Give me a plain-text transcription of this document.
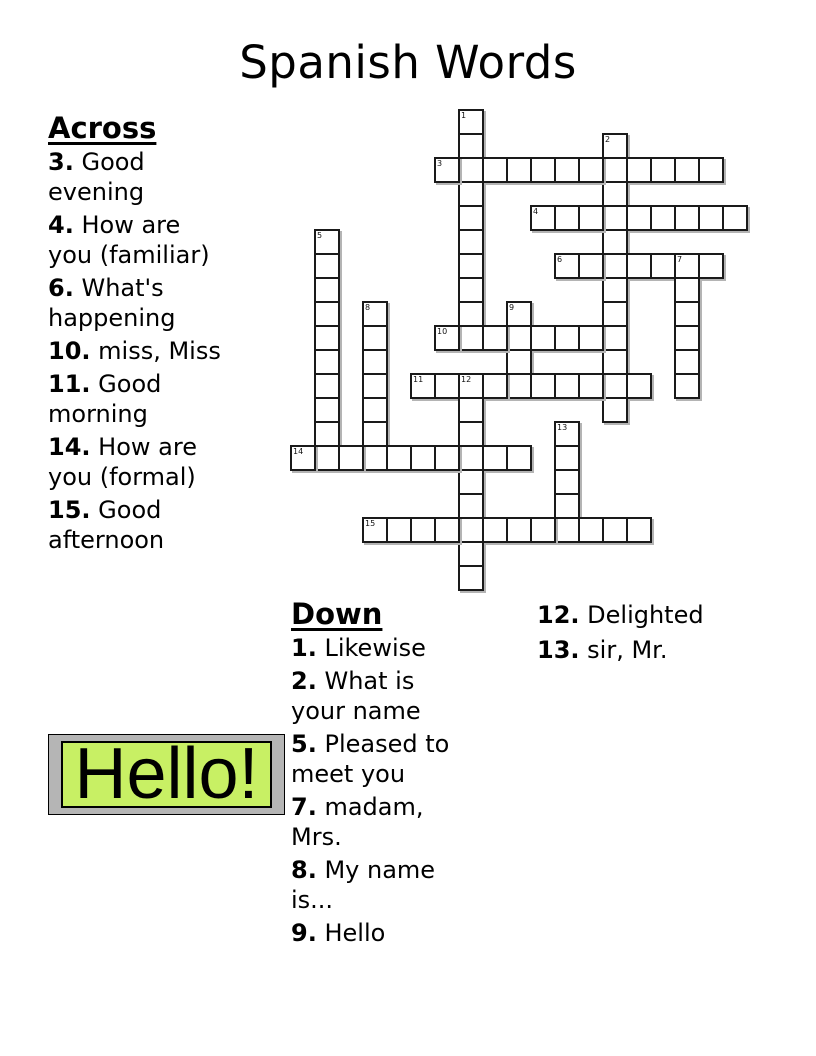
Spanish Words
1
2
3
4
5
6	7
8	9
10
11	12
13
14
15
Across
3. Good evening
4. How are you (familiar)
6. What's happening
10. miss, Miss
11. Good morning
14. How are you (formal)
15. Good afternoon
Down
1. Likewise
2. What is your name
5. Pleased to meet you
7. madam, Mrs.
8. My name is...
9. Hello
12. Delighted
13. sir, Mr.
Hello!
